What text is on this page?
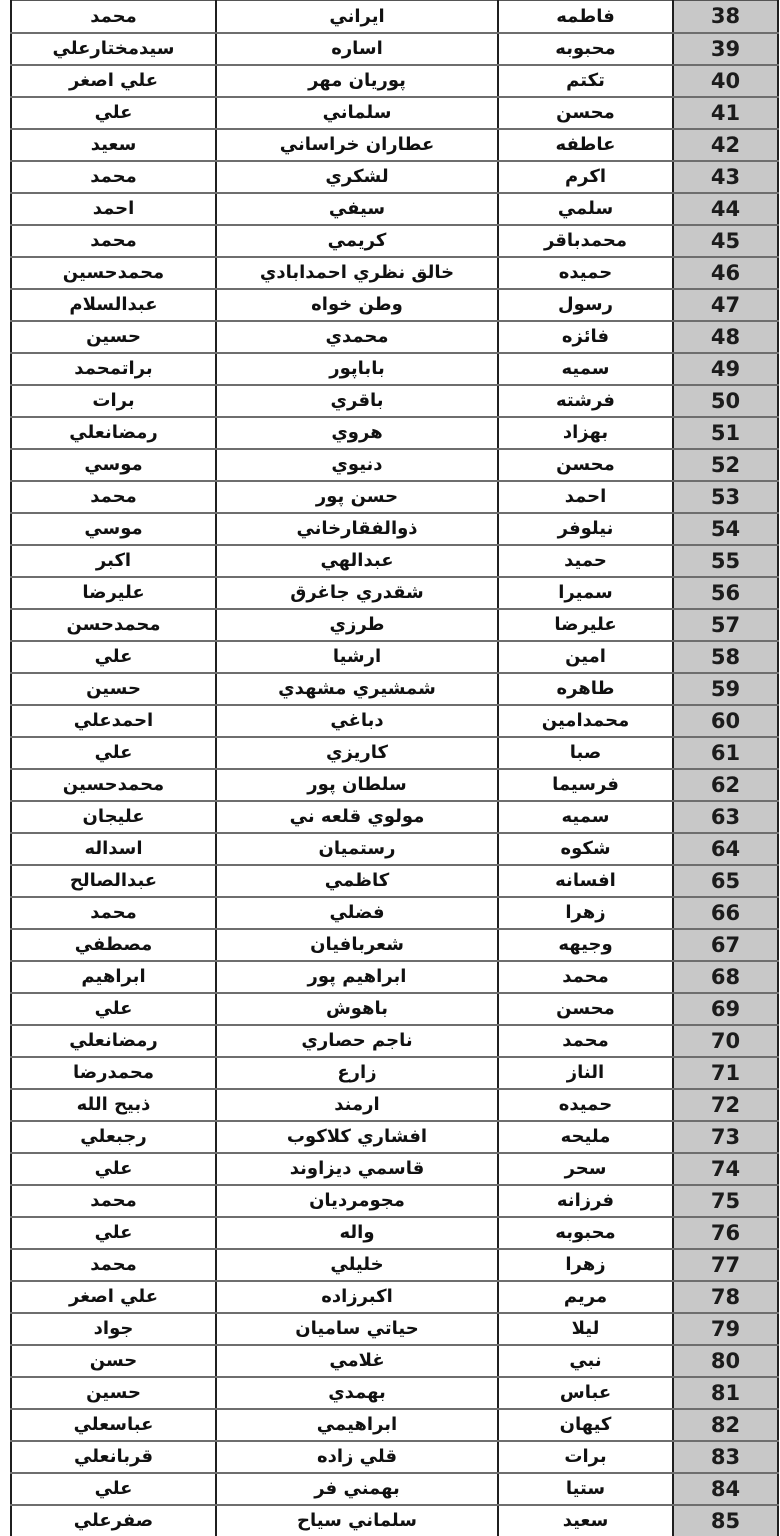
38	فاطمه	ايراني	محمد
39	محبوبه	اساره	سيدمختارعلي
40	تكتم	پوريان مهر	علي اصغر
41	محسن	سلماني	علي
42	عاطفه	عطاران خراساني	سعيد
43	اكرم	لشكري	محمد
44	سلمي	سيفي	احمد
45	محمدباقر	كريمي	محمد
46	حميده	خالق نظري احمدابادي	محمدحسين
47	رسول	وطن خواه	عبدالسلام
48	فائزه	محمدي	حسين
49	سميه	باباپور	براتمحمد
50	فرشته	باقري	برات
51	بهزاد	هروي	رمضانعلي
52	محسن	دنيوي	موسي
53	احمد	حسن پور	محمد
54	نيلوفر	ذوالفقارخاني	موسي
55	حميد	عبدالهي	اكبر
56	سميرا	شقدري جاغرق	عليرضا
57	عليرضا	طرزي	محمدحسن
58	امين	ارشيا	علي
59	طاهره	شمشيري مشهدي	حسين
60	محمدامين	دباغي	احمدعلي
61	صبا	كاريزي	علي
62	فرسيما	سلطان پور	محمدحسين
63	سميه	مولوي قلعه ني	عليجان
64	شكوه	رستميان	اسداله
65	افسانه	كاظمي	عبدالصالح
66	زهرا	فضلي	محمد
67	وجيهه	شعربافيان	مصطفي
68	محمد	ابراهيم پور	ابراهيم
69	محسن	باهوش	علي
70	محمد	ناجم حصاري	رمضانعلي
71	الناز	زارع	محمدرضا
72	حميده	ارمند	ذبيح الله
73	مليحه	افشاري كلاكوب	رجبعلي
74	سحر	قاسمي ديزاوند	علي
75	فرزانه	مجومرديان	محمد
76	محبوبه	واله	علي
77	زهرا	خليلي	محمد
78	مريم	اكبرزاده	علي اصغر
79	ليلا	حياتي ساميان	جواد
80	نبي	غلامي	حسن
81	عباس	بهمدي	حسين
82	كيهان	ابراهيمي	عباسعلي
83	برات	قلي زاده	قربانعلي
84	ستيا	بهمني فر	علي
85	سعيد	سلماني سياح	صفرعلي
